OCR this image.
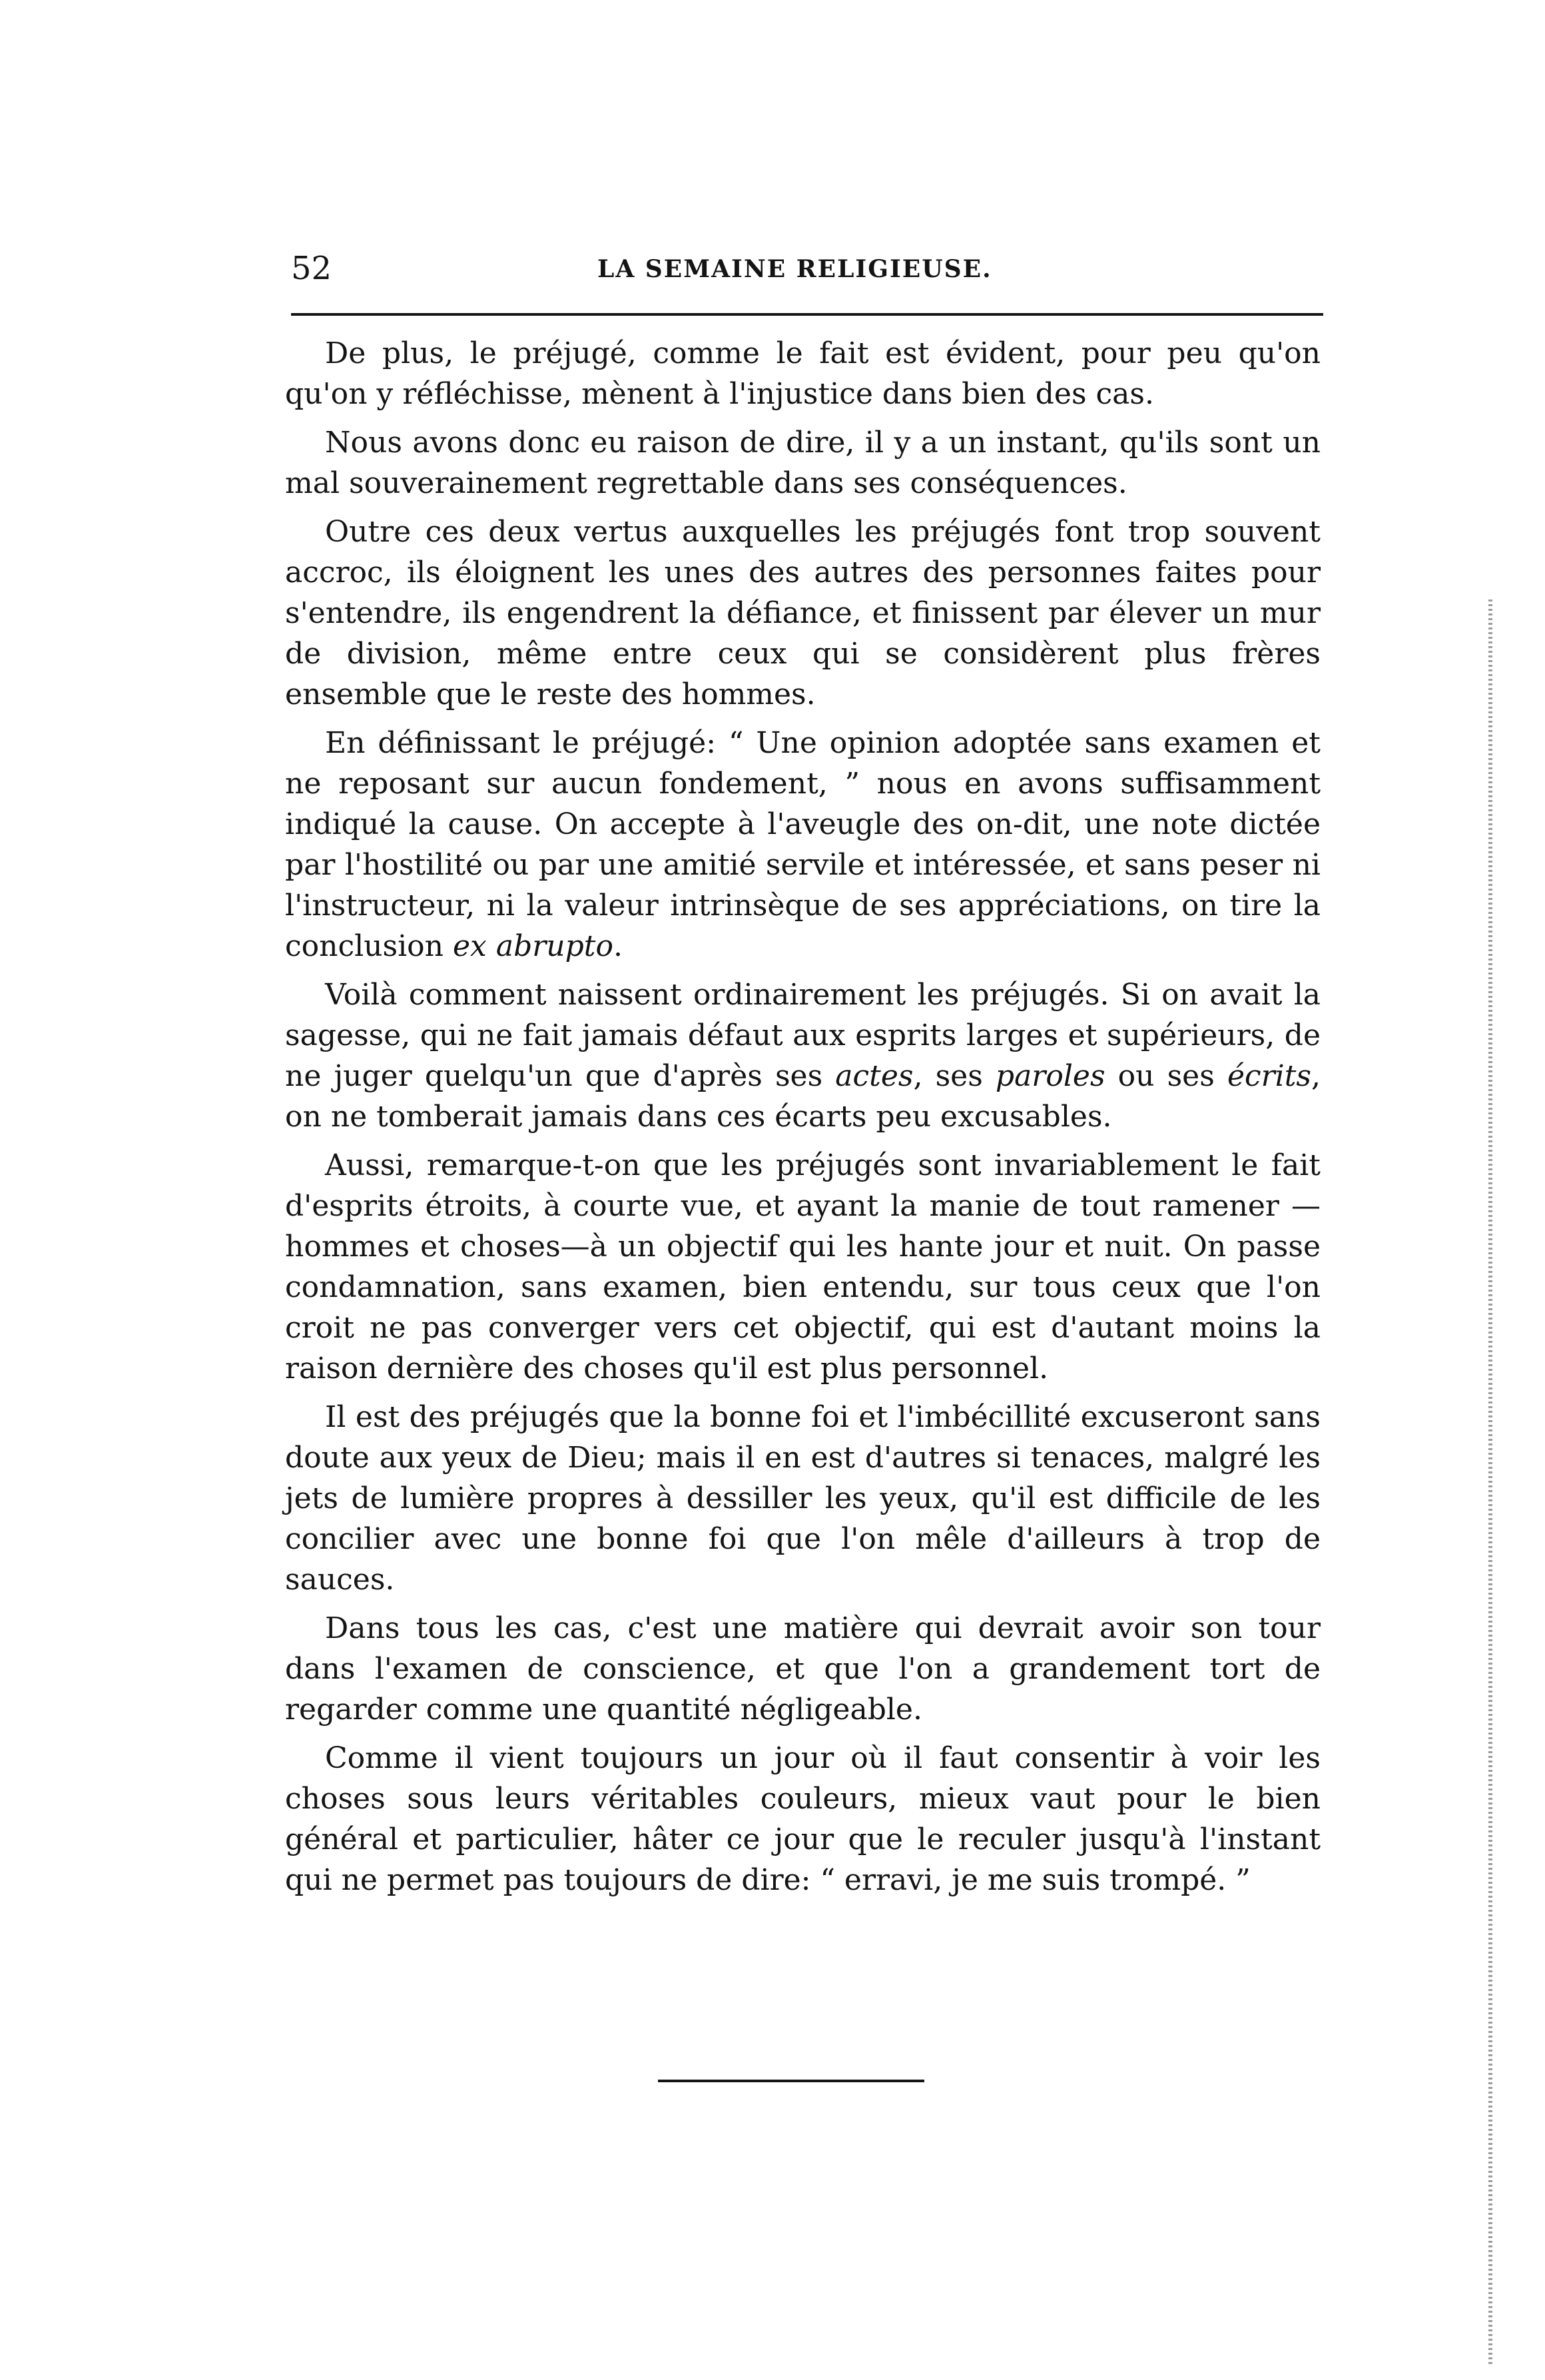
52	LA SEMAINE RELIGIEUSE.

De plus, le préjugé, comme le fait est évident, pour peu qu'on qu'on y réfléchisse, mènent à l'injustice dans bien des cas.

Nous avons donc eu raison de dire, il y a un instant, qu'ils sont un mal souverainement regrettable dans ses conséquences.

Outre ces deux vertus auxquelles les préjugés font trop souvent accroc, ils éloignent les unes des autres des personnes faites pour s'entendre, ils engendrent la défiance, et finissent par élever un mur de division, même entre ceux qui se considèrent plus frères ensemble que le reste des hommes.

En définissant le préjugé: “ Une opinion adoptée sans examen et ne reposant sur aucun fondement, ” nous en avons suffisamment indiqué la cause. On accepte à l'aveugle des on-dit, une note dictée par l'hostilité ou par une amitié servile et intéressée, et sans peser ni l'instructeur, ni la valeur intrinsèque de ses appréciations, on tire la conclusion ex abrupto.

Voilà comment naissent ordinairement les préjugés. Si on avait la sagesse, qui ne fait jamais défaut aux esprits larges et supérieurs, de ne juger quelqu'un que d'après ses actes, ses paroles ou ses écrits, on ne tomberait jamais dans ces écarts peu excusables.

Aussi, remarque-t-on que les préjugés sont invariablement le fait d'esprits étroits, à courte vue, et ayant la manie de tout ramener —hommes et choses—à un objectif qui les hante jour et nuit. On passe condamnation, sans examen, bien entendu, sur tous ceux que l'on croit ne pas converger vers cet objectif, qui est d'autant moins la raison dernière des choses qu'il est plus personnel.

Il est des préjugés que la bonne foi et l'imbécillité excuseront sans doute aux yeux de Dieu; mais il en est d'autres si tenaces, malgré les jets de lumière propres à dessiller les yeux, qu'il est difficile de les concilier avec une bonne foi que l'on mêle d'ailleurs à trop de sauces.

Dans tous les cas, c'est une matière qui devrait avoir son tour dans l'examen de conscience, et que l'on a grandement tort de regarder comme une quantité négligeable.

Comme il vient toujours un jour où il faut consentir à voir les choses sous leurs véritables couleurs, mieux vaut pour le bien général et particulier, hâter ce jour que le reculer jusqu'à l'instant qui ne permet pas toujours de dire: “ erravi, je me suis trompé. ”
